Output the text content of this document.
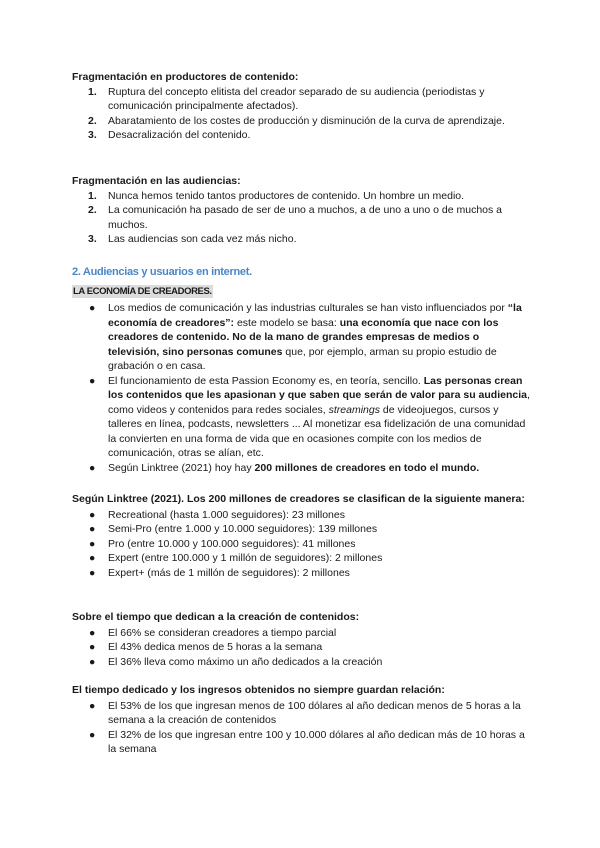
Fragmentación en productores de contenido:
1. Ruptura del concepto elitista del creador separado de su audiencia (periodistas y comunicación principalmente afectados).
2. Abaratamiento de los costes de producción y disminución de la curva de aprendizaje.
3. Desacralización del contenido.
Fragmentación en las audiencias:
1. Nunca hemos tenido tantos productores de contenido. Un hombre un medio.
2. La comunicación ha pasado de ser de uno a muchos, a de uno a uno o de muchos a muchos.
3. Las audiencias son cada vez más nicho.
2. Audiencias y usuarios en internet.
LA ECONOMÍA DE CREADORES.
● Los medios de comunicación y las industrias culturales se han visto influenciados por “la economía de creadores”: este modelo se basa: una economía que nace con los creadores de contenido. No de la mano de grandes empresas de medios o televisión, sino personas comunes que, por ejemplo, arman su propio estudio de grabación o en casa.
● El funcionamiento de esta Passion Economy es, en teoría, sencillo. Las personas crean los contenidos que les apasionan y que saben que serán de valor para su audiencia, como videos y contenidos para redes sociales, streamings de videojuegos, cursos y talleres en línea, podcasts, newsletters ... Al monetizar esa fidelización de una comunidad la convierten en una forma de vida que en ocasiones compite con los medios de comunicación, otras se alían, etc.
● Según Linktree (2021) hoy hay 200 millones de creadores en todo el mundo.
Según Linktree (2021). Los 200 millones de creadores se clasifican de la siguiente manera:
● Recreational (hasta 1.000 seguidores): 23 millones
● Semi-Pro (entre 1.000 y 10.000 seguidores): 139 millones
● Pro (entre 10.000 y 100.000 seguidores): 41 millones
● Expert (entre 100.000 y 1 millón de seguidores): 2 millones
● Expert+ (más de 1 millón de seguidores): 2 millones
Sobre el tiempo que dedican a la creación de contenidos:
● El 66% se consideran creadores a tiempo parcial
● El 43% dedica menos de 5 horas a la semana
● El 36% lleva como máximo un año dedicados a la creación
El tiempo dedicado y los ingresos obtenidos no siempre guardan relación:
● El 53% de los que ingresan menos de 100 dólares al año dedican menos de 5 horas a la semana a la creación de contenidos
● El 32% de los que ingresan entre 100 y 10.000 dólares al año dedican más de 10 horas a la semana
